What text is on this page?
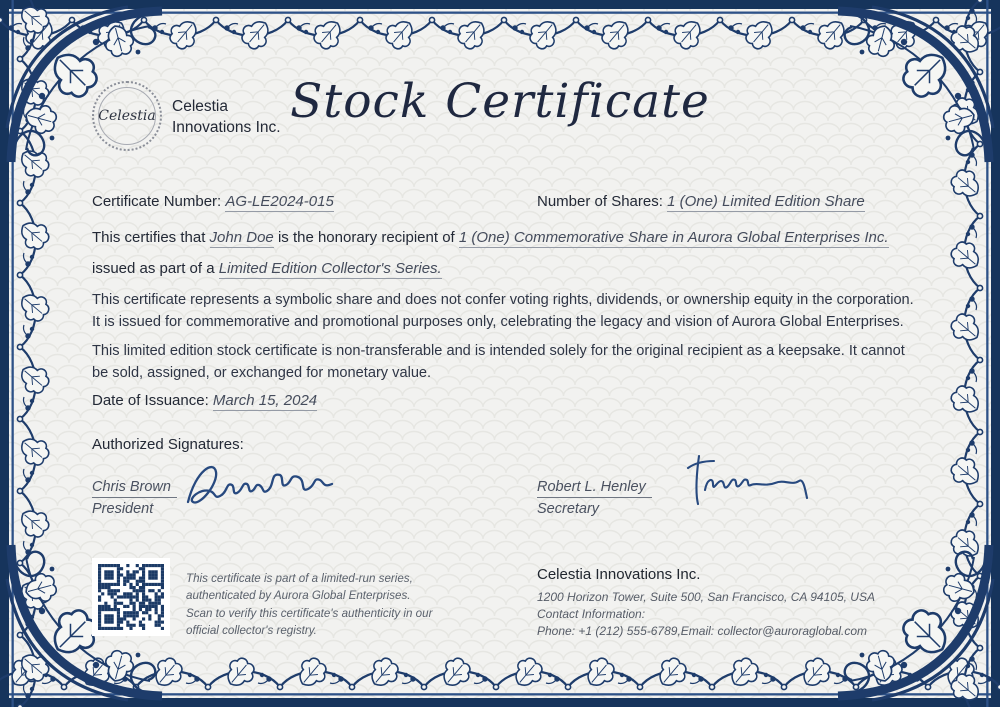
Celestia
Celestia
Innovations Inc. Stock Certificate
Certificate Number: AG-LE2024-015	Number of Shares: 1 (One) Limited Edition Share
This certifies that John Doe is the honorary recipient of 1 (One) Commemorative Share in Aurora Global Enterprises Inc.
issued as part of a Limited Edition Collector's Series.
This certificate represents a symbolic share and does not confer voting rights, dividends, or ownership equity in the corporation. It is issued for commemorative and promotional purposes only, celebrating the legacy and vision of Aurora Global Enterprises.
This limited edition stock certificate is non-transferable and is intended solely for the original recipient as a keepsake. It cannot be sold, assigned, or exchanged for monetary value.
Date of Issuance: March 15, 2024
Authorized Signatures:
Chris Brown
President
Robert L. Henley
Secretary
This certificate is part of a limited-run series, authenticated by Aurora Global Enterprises. Scan to verify this certificate's authenticity in our official collector's registry.
Celestia Innovations Inc.
1200 Horizon Tower, Suite 500, San Francisco, CA 94105, USA
Contact Information:
Phone: +1 (212) 555-6789,Email: collector@auroraglobal.com
